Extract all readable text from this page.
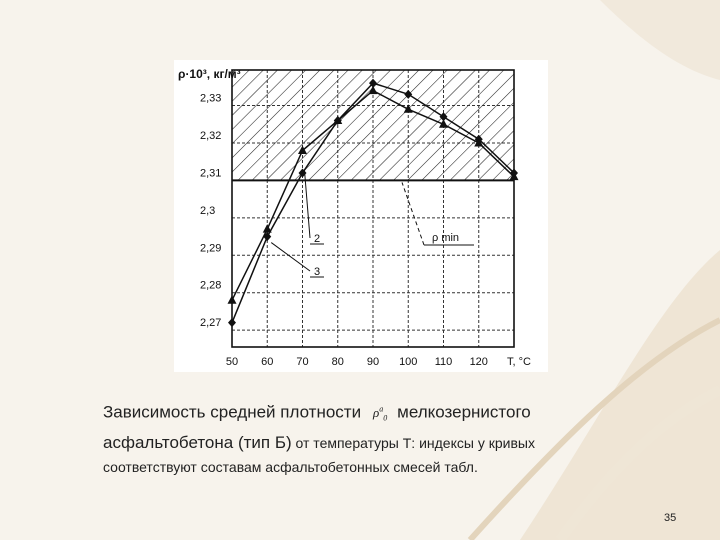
2,27
2,28
2,29
2,3
2,31
2,32
2,33
50 60 70 80 90 100 110 120
2
3
ρ min
ρ·10³, кг/м³
T, °C
Зависимость средней плотности $\rho^a_0$ мелкозернистого
асфальтобетона (тип Б) от температуры Т: индексы у кривых
соответствуют составам асфальтобетонных смесей табл.
35
